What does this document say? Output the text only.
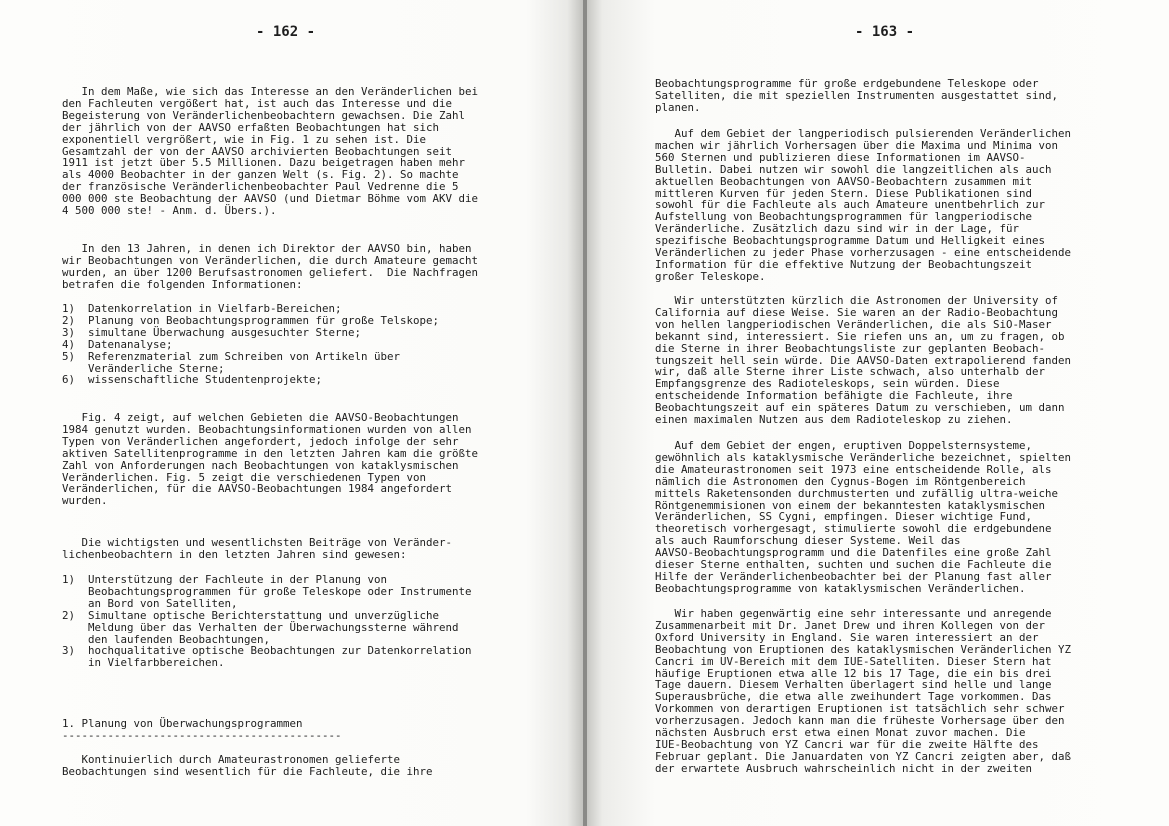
- 162 -
In dem Maße, wie sich das Interesse an den Veränderlichen bei
den Fachleuten vergößert hat, ist auch das Interesse und die
Begeisterung von Veränderlichenbeobachtern gewachsen. Die Zahl
der jährlich von der AAVSO erfaßten Beobachtungen hat sich
exponentiell vergrößert, wie in Fig. 1 zu sehen ist. Die
Gesamtzahl der von der AAVSO archivierten Beobachtungen seit
1911 ist jetzt über 5.5 Millionen. Dazu beigetragen haben mehr
als 4000 Beobachter in der ganzen Welt (s. Fig. 2). So machte
der französische Veränderlichenbeobachter Paul Vedrenne die 5
000 000 ste Beobachtung der AAVSO (und Dietmar Böhme vom AKV die
4 500 000 ste! - Anm. d. Übers.).
In den 13 Jahren, in denen ich Direktor der AAVSO bin, haben
wir Beobachtungen von Veränderlichen, die durch Amateure gemacht
wurden, an über 1200 Berufsastronomen geliefert.  Die Nachfragen
betrafen die folgenden Informationen:
1)  Datenkorrelation in Vielfarb-Bereichen;
2)  Planung von Beobachtungsprogrammen für große Telskope;
3)  simultane Überwachung ausgesuchter Sterne;
4)  Datenanalyse;
5)  Referenzmaterial zum Schreiben von Artikeln über
Veränderliche Sterne;
6)  wissenschaftliche Studentenprojekte;
Fig. 4 zeigt, auf welchen Gebieten die AAVSO-Beobachtungen
1984 genutzt wurden. Beobachtungsinformationen wurden von allen
Typen von Veränderlichen angefordert, jedoch infolge der sehr
aktiven Satellitenprogramme in den letzten Jahren kam die größte
Zahl von Anforderungen nach Beobachtungen von kataklysmischen
Veränderlichen. Fig. 5 zeigt die verschiedenen Typen von
Veränderlichen, für die AAVSO-Beobachtungen 1984 angefordert
wurden.
Die wichtigsten und wesentlichsten Beiträge von Veränder-
lichenbeobachtern in den letzten Jahren sind gewesen:
1)  Unterstützung der Fachleute in der Planung von
Beobachtungsprogrammen für große Teleskope oder Instrumente
an Bord von Satelliten,
2)  Simultane optische Berichterstattung und unverzügliche
Meldung über das Verhalten der Überwachungssterne während
den laufenden Beobachtungen,
3)  hochqualitative optische Beobachtungen zur Datenkorrelation
in Vielfarbbereichen.
1. Planung von Überwachungsprogrammen
-------------------------------------------
Kontinuierlich durch Amateurastronomen gelieferte
Beobachtungen sind wesentlich für die Fachleute, die ihre
- 163 -
Beobachtungsprogramme für große erdgebundene Teleskope oder
Satelliten, die mit speziellen Instrumenten ausgestattet sind,
planen.
Auf dem Gebiet der langperiodisch pulsierenden Veränderlichen
machen wir jährlich Vorhersagen über die Maxima und Minima von
560 Sternen und publizieren diese Informationen im AAVSO-
Bulletin. Dabei nutzen wir sowohl die langzeitlichen als auch
aktuellen Beobachtungen von AAVSO-Beobachtern zusammen mit
mittleren Kurven für jeden Stern. Diese Publikationen sind
sowohl für die Fachleute als auch Amateure unentbehrlich zur
Aufstellung von Beobachtungsprogrammen für langperiodische
Veränderliche. Zusätzlich dazu sind wir in der Lage, für
spezifische Beobachtungsprogramme Datum und Helligkeit eines
Veränderlichen zu jeder Phase vorherzusagen - eine entscheidende
Information für die effektive Nutzung der Beobachtungszeit
großer Teleskope.
Wir unterstützten kürzlich die Astronomen der University of
California auf diese Weise. Sie waren an der Radio-Beobachtung
von hellen langperiodischen Veränderlichen, die als SiO-Maser
bekannt sind, interessiert. Sie riefen uns an, um zu fragen, ob
die Sterne in ihrer Beobachtungsliste zur geplanten Beobach-
tungszeit hell sein würde. Die AAVSO-Daten extrapolierend fanden
wir, daß alle Sterne ihrer Liste schwach, also unterhalb der
Empfangsgrenze des Radioteleskops, sein würden. Diese
entscheidende Information befähigte die Fachleute, ihre
Beobachtungszeit auf ein späteres Datum zu verschieben, um dann
einen maximalen Nutzen aus dem Radioteleskop zu ziehen.
Auf dem Gebiet der engen, eruptiven Doppelsternsysteme,
gewöhnlich als kataklysmische Veränderliche bezeichnet, spielten
die Amateurastronomen seit 1973 eine entscheidende Rolle, als
nämlich die Astronomen den Cygnus-Bogen im Röntgenbereich
mittels Raketensonden durchmusterten und zufällig ultra-weiche
Röntgenemmisionen von einem der bekanntesten kataklysmischen
Veränderlichen, SS Cygni, empfingen. Dieser wichtige Fund,
theoretisch vorhergesagt, stimulierte sowohl die erdgebundene
als auch Raumforschung dieser Systeme. Weil das
AAVSO-Beobachtungsprogramm und die Datenfiles eine große Zahl
dieser Sterne enthalten, suchten und suchen die Fachleute die
Hilfe der Veränderlichenbeobachter bei der Planung fast aller
Beobachtungsprogramme von kataklysmischen Veränderlichen.
Wir haben gegenwärtig eine sehr interessante und anregende
Zusammenarbeit mit Dr. Janet Drew und ihren Kollegen von der
Oxford University in England. Sie waren interessiert an der
Beobachtung von Eruptionen des kataklysmischen Veränderlichen YZ
Cancri im UV-Bereich mit dem IUE-Satelliten. Dieser Stern hat
häufige Eruptionen etwa alle 12 bis 17 Tage, die ein bis drei
Tage dauern. Diesem Verhalten überlagert sind helle und lange
Superausbrüche, die etwa alle zweihundert Tage vorkommen. Das
Vorkommen von derartigen Eruptionen ist tatsächlich sehr schwer
vorherzusagen. Jedoch kann man die früheste Vorhersage über den
nächsten Ausbruch erst etwa einen Monat zuvor machen. Die
IUE-Beobachtung von YZ Cancri war für die zweite Hälfte des
Februar geplant. Die Januardaten von YZ Cancri zeigten aber, daß
der erwartete Ausbruch wahrscheinlich nicht in der zweiten
